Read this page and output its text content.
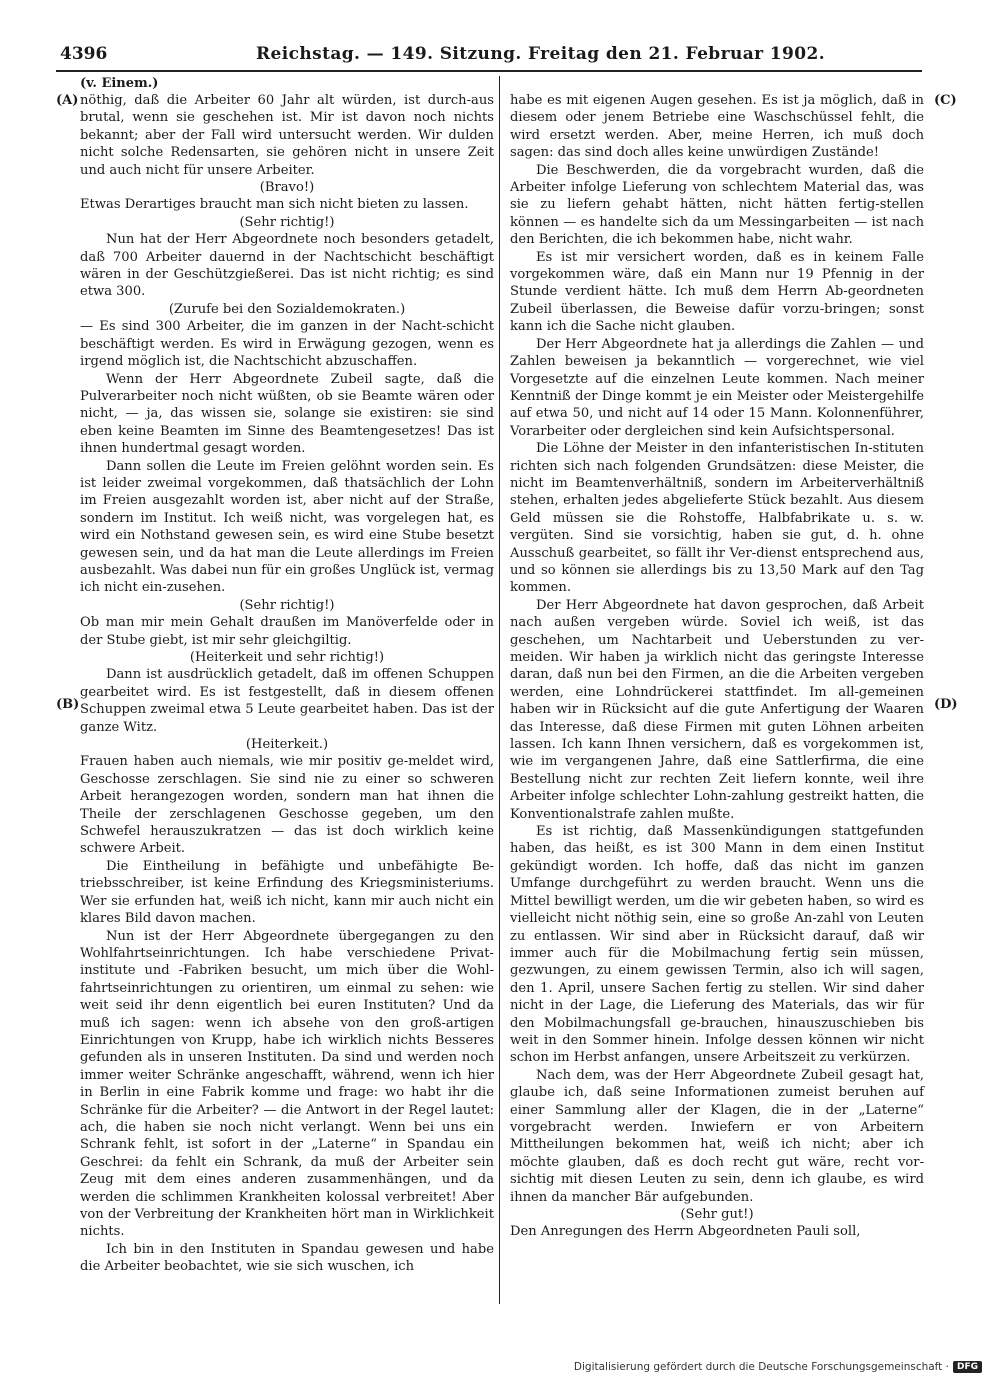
4396	Reichstag. — 149. Sitzung. Freitag den 21. Februar 1902.
(v. Einem.)
(A)
(B)
(C)
(D)

nöthig, daß die Arbeiter 60 Jahr alt würden, ist durch-aus brutal, wenn sie geschehen ist. Mir ist davon noch nichts bekannt; aber der Fall wird untersucht werden. Wir dulden nicht solche Redensarten, sie gehören nicht in unsere Zeit und auch nicht für unsere Arbeiter.

(Bravo!)

Etwas Derartiges braucht man sich nicht bieten zu lassen.

(Sehr richtig!)

Nun hat der Herr Abgeordnete noch besonders getadelt, daß 700 Arbeiter dauernd in der Nachtschicht beschäftigt wären in der Geschützgießerei. Das ist nicht richtig; es sind etwa 300.

(Zurufe bei den Sozialdemokraten.)

— Es sind 300 Arbeiter, die im ganzen in der Nacht-schicht beschäftigt werden. Es wird in Erwägung gezogen, wenn es irgend möglich ist, die Nachtschicht abzuschaffen.

Wenn der Herr Abgeordnete Zubeil sagte, daß die Pulverarbeiter noch nicht wüßten, ob sie Beamte wären oder nicht, — ja, das wissen sie, solange sie existiren: sie sind eben keine Beamten im Sinne des Beamtengesetzes! Das ist ihnen hundertmal gesagt worden.

Dann sollen die Leute im Freien gelöhnt worden sein. Es ist leider zweimal vorgekommen, daß thatsächlich der Lohn im Freien ausgezahlt worden ist, aber nicht auf der Straße, sondern im Institut. Ich weiß nicht, was vorgelegen hat, es wird ein Nothstand gewesen sein, es wird eine Stube besetzt gewesen sein, und da hat man die Leute allerdings im Freien ausbezahlt. Was dabei nun für ein großes Unglück ist, vermag ich nicht ein-zusehen.

(Sehr richtig!)

Ob man mir mein Gehalt draußen im Manöverfelde oder in der Stube giebt, ist mir sehr gleichgiltig.

(Heiterkeit und sehr richtig!)

Dann ist ausdrücklich getadelt, daß im offenen Schuppen gearbeitet wird. Es ist festgestellt, daß in diesem offenen Schuppen zweimal etwa 5 Leute gearbeitet haben. Das ist der ganze Witz.

(Heiterkeit.)

Frauen haben auch niemals, wie mir positiv ge-meldet wird, Geschosse zerschlagen. Sie sind nie zu einer so schweren Arbeit herangezogen worden, sondern man hat ihnen die Theile der zerschlagenen Geschosse gegeben, um den Schwefel herauszukratzen — das ist doch wirklich keine schwere Arbeit.

Die Eintheilung in befähigte und unbefähigte Be-triebsschreiber, ist keine Erfindung des Kriegsministeriums. Wer sie erfunden hat, weiß ich nicht, kann mir auch nicht ein klares Bild davon machen.

Nun ist der Herr Abgeordnete übergegangen zu den Wohlfahrtseinrichtungen. Ich habe verschiedene Privat-institute und -Fabriken besucht, um mich über die Wohl-fahrtseinrichtungen zu orientiren, um einmal zu sehen: wie weit seid ihr denn eigentlich bei euren Instituten? Und da muß ich sagen: wenn ich absehe von den groß-artigen Einrichtungen von Krupp, habe ich wirklich nichts Besseres gefunden als in unseren Instituten. Da sind und werden noch immer weiter Schränke angeschafft, während, wenn ich hier in Berlin in eine Fabrik komme und frage: wo habt ihr die Schränke für die Arbeiter? — die Antwort in der Regel lautet: ach, die haben sie noch nicht verlangt. Wenn bei uns ein Schrank fehlt, ist sofort in der „Laterne“ in Spandau ein Geschrei: da fehlt ein Schrank, da muß der Arbeiter sein Zeug mit dem eines anderen zusammenhängen, und da werden die schlimmen Krankheiten kolossal verbreitet! Aber von der Verbreitung der Krankheiten hört man in Wirklichkeit nichts.

Ich bin in den Instituten in Spandau gewesen und habe die Arbeiter beobachtet, wie sie sich wuschen, ich

habe es mit eigenen Augen gesehen. Es ist ja möglich, daß in diesem oder jenem Betriebe eine Waschschüssel fehlt, die wird ersetzt werden. Aber, meine Herren, ich muß doch sagen: das sind doch alles keine unwürdigen Zustände!

Die Beschwerden, die da vorgebracht wurden, daß die Arbeiter infolge Lieferung von schlechtem Material das, was sie zu liefern gehabt hätten, nicht hätten fertig-stellen können — es handelte sich da um Messingarbeiten — ist nach den Berichten, die ich bekommen habe, nicht wahr.

Es ist mir versichert worden, daß es in keinem Falle vorgekommen wäre, daß ein Mann nur 19 Pfennig in der Stunde verdient hätte. Ich muß dem Herrn Ab-geordneten Zubeil überlassen, die Beweise dafür vorzu-bringen; sonst kann ich die Sache nicht glauben.

Der Herr Abgeordnete hat ja allerdings die Zahlen — und Zahlen beweisen ja bekanntlich — vorgerechnet, wie viel Vorgesetzte auf die einzelnen Leute kommen. Nach meiner Kenntniß der Dinge kommt je ein Meister oder Meistergehilfe auf etwa 50, und nicht auf 14 oder 15 Mann. Kolonnenführer, Vorarbeiter oder dergleichen sind kein Aufsichtspersonal.

Die Löhne der Meister in den infanteristischen In-stituten richten sich nach folgenden Grundsätzen: diese Meister, die nicht im Beamtenverhältniß, sondern im Arbeiterverhältniß stehen, erhalten jedes abgelieferte Stück bezahlt. Aus diesem Geld müssen sie die Rohstoffe, Halbfabrikate u. s. w. vergüten. Sind sie vorsichtig, haben sie gut, d. h. ohne Ausschuß gearbeitet, so fällt ihr Ver-dienst entsprechend aus, und so können sie allerdings bis zu 13,50 Mark auf den Tag kommen.

Der Herr Abgeordnete hat davon gesprochen, daß Arbeit nach außen vergeben würde. Soviel ich weiß, ist das geschehen, um Nachtarbeit und Ueberstunden zu ver-meiden. Wir haben ja wirklich nicht das geringste Interesse daran, daß nun bei den Firmen, an die die Arbeiten vergeben werden, eine Lohndrückerei stattfindet. Im all-gemeinen haben wir in Rücksicht auf die gute Anfertigung der Waaren das Interesse, daß diese Firmen mit guten Löhnen arbeiten lassen. Ich kann Ihnen versichern, daß es vorgekommen ist, wie im vergangenen Jahre, daß eine Sattlerfirma, die eine Bestellung nicht zur rechten Zeit liefern konnte, weil ihre Arbeiter infolge schlechter Lohn-zahlung gestreikt hatten, die Konventionalstrafe zahlen mußte.

Es ist richtig, daß Massenkündigungen stattgefunden haben, das heißt, es ist 300 Mann in dem einen Institut gekündigt worden. Ich hoffe, daß das nicht im ganzen Umfange durchgeführt zu werden braucht. Wenn uns die Mittel bewilligt werden, um die wir gebeten haben, so wird es vielleicht nicht nöthig sein, eine so große An-zahl von Leuten zu entlassen. Wir sind aber in Rücksicht darauf, daß wir immer auch für die Mobilmachung fertig sein müssen, gezwungen, zu einem gewissen Termin, also ich will sagen, den 1. April, unsere Sachen fertig zu stellen. Wir sind daher nicht in der Lage, die Lieferung des Materials, das wir für den Mobilmachungsfall ge-brauchen, hinauszuschieben bis weit in den Sommer hinein. Infolge dessen können wir nicht schon im Herbst anfangen, unsere Arbeitszeit zu verkürzen.

Nach dem, was der Herr Abgeordnete Zubeil gesagt hat, glaube ich, daß seine Informationen zumeist beruhen auf einer Sammlung aller der Klagen, die in der „Laterne“ vorgebracht werden. Inwiefern er von Arbeitern Mittheilungen bekommen hat, weiß ich nicht; aber ich möchte glauben, daß es doch recht gut wäre, recht vor-sichtig mit diesen Leuten zu sein, denn ich glaube, es wird ihnen da mancher Bär aufgebunden.

(Sehr gut!)

Den Anregungen des Herrn Abgeordneten Pauli soll,

Digitalisierung gefördert durch die Deutsche Forschungsgemeinschaft · DFG
